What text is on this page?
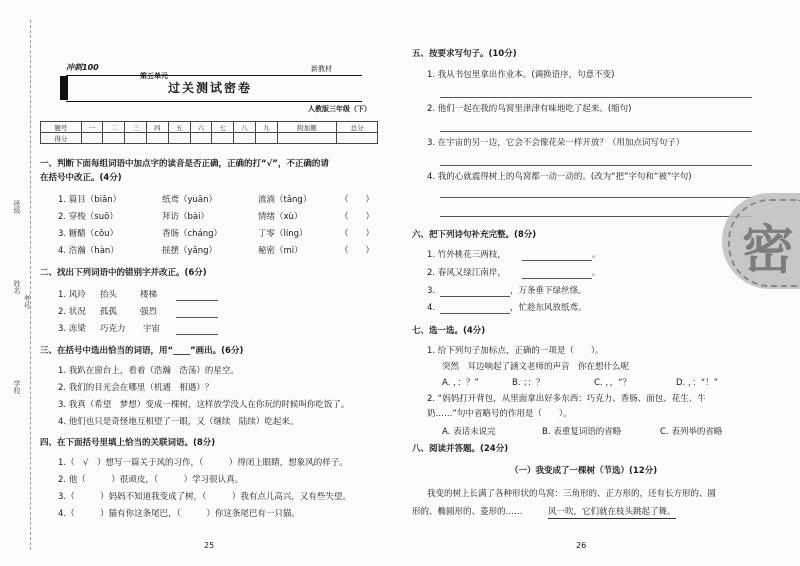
班级
姓名
考号
学校
冲刺100
第五单元
新教材
过关测试密卷
人教版三年级（下）
题号	一	二	三	四	五	六	七	八	九	附加题	总分
得分											
一、判断下面每组词语中加点字的读音是否正确，正确的打“√”，不正确的请
在括号中改正。(4分)
1. 篇目（biān）	纸鸢（yuān）	流淌（tǎng）	（　　）
2. 穿梭（suō）	拜访（bài）	情绪（xù）	（　　）
3. 糖醋（cōu）	香肠（cháng）	丁零（líng）	（　　）
4. 浩瀚（hàn）	摇摆（yǎng）	秘密（mì）	（　　）
二、找出下列词语中的错别字并改正。(6分)
1. 风玲 抬头	楼梯
2. 状况 孤孤	强烈
3. 冻梁 巧克力 宇宙
三、在括号中选出恰当的词语，用“____”画出。(6分)
1. 我趴在窗台上，看着（浩瀚　浩荡）的星空。
2. 我们的目光会在哪里（机遇　相遇）？
3. 我真（希望　梦想）变成一棵树，这样放学没人在你玩的时候叫你吃饭了。
4. 他们也只是奇怪地互相望了一眼，又（继续　陆续）吃起来。
四、在下面括号里填上恰当的关联词语。(8分)
1.（　√　）想写一篇关于风的习作，（　　　）得闭上眼睛，想象风的样子。
2. 他（　　　）很顽皮，（　　　）学习很认真。
3.（　　　）妈妈不知道我变成了树，（　　　）我有点儿高兴，又有些失望。
4.（　　　）猫有你这条尾巴，（　　　）你这条尾巴有一只猫。
25
五、按要求写句子。(10分)
1. 我从书包里拿出作业本。(调换语序，句意不变)
2. 他们一起在我的鸟窝里津津有味地吃了起来。(缩句)
3. 在宇宙的另一边，它会不会像花朵一样开放？（用加点词写句子）
4. 我的心就震得树上的鸟窝都一动一动的。(改为“把”字句和“被”字句)
六、把下列诗句补充完整。(8分)
1. 竹外桃花三两枝，	。
2. 春风又绿江南岸，	。
3.	，万条垂下绿丝绦。
4.	，忙趁东风放纸鸢。
七、选一选。(4分)
1. 给下列句子加标点，正确的一项是（　　）。
突然　耳边响起了涵文老师的声音　你在想什么呢
A. ，：？”	B. ；：？	C. ，，“？	D. ，：“！”
2. “妈妈打开背包，从里面拿出好多东西：巧克力、香肠、面包、花生、牛
奶……”句中省略号的作用是（　　）。
A. 表话未说完	B. 表重复词语的省略	C. 表列举的省略
八、阅读并答题。(24分)
（一）我变成了一棵树（节选）(12分)
我变的树上长满了各种形状的鸟窝：三角形的、正方形的，还有长方形的、圆
形的、椭圆形的、菱形的……	风一吹，它们就在枝头跳起了舞。
26
密
